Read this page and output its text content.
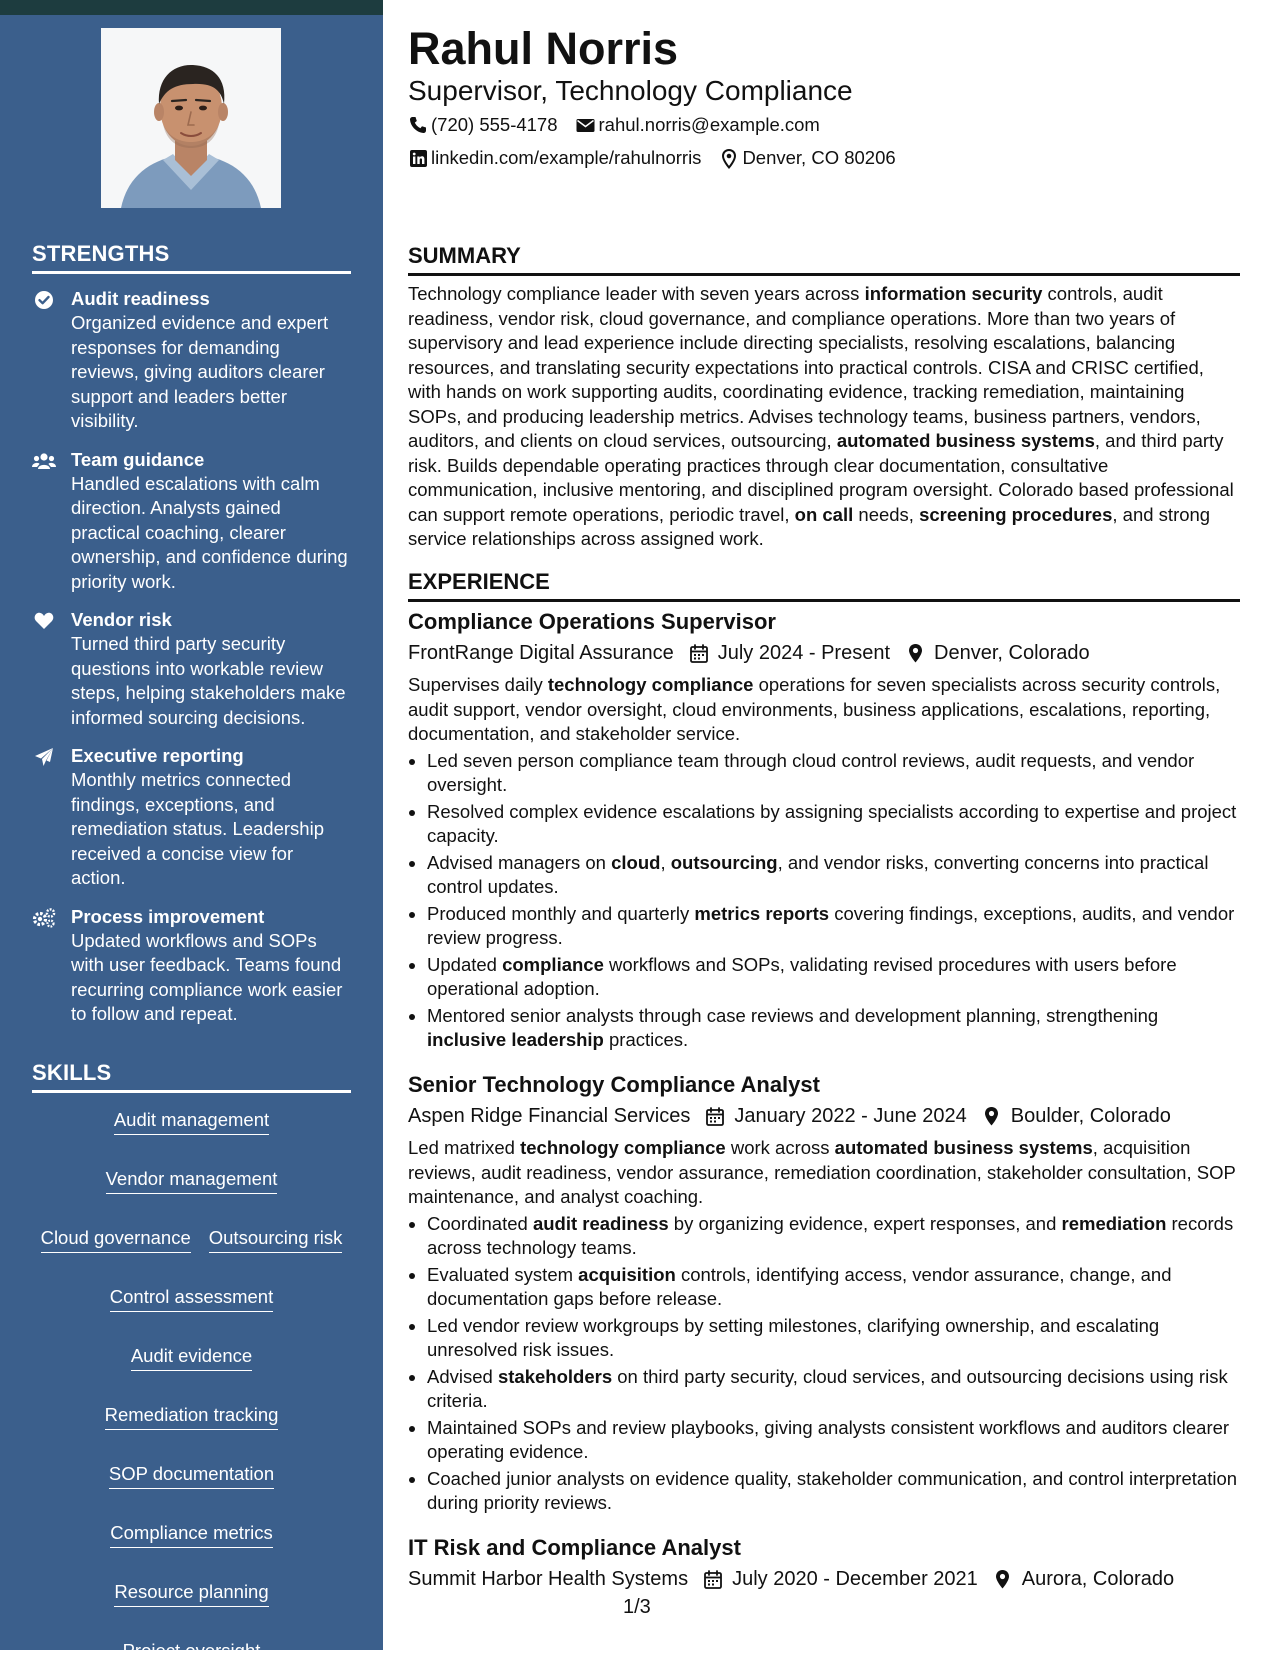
STRENGTHS
Audit readiness
Organized evidence and expert responses for demanding reviews, giving auditors clearer support and leaders better visibility.
Team guidance
Handled escalations with calm direction. Analysts gained practical coaching, clearer ownership, and confidence during priority work.
Vendor risk
Turned third party security questions into workable review steps, helping stakeholders make informed sourcing decisions.
Executive reporting
Monthly metrics connected findings, exceptions, and remediation status. Leadership received a concise view for action.
Process improvement
Updated workflows and SOPs with user feedback. Teams found recurring compliance work easier to follow and repeat.
SKILLS
Audit management
Vendor management
Cloud governance Outsourcing risk
Control assessment
Audit evidence
Remediation tracking
SOP documentation
Compliance metrics
Resource planning
Project oversight
Rahul Norris
Supervisor, Technology Compliance
(720) 555-4178 rahul.norris@example.com
linkedin.com/example/rahulnorris Denver, CO 80206
SUMMARY

Technology compliance leader with seven years across information security controls, audit readiness, vendor risk, cloud governance, and compliance operations. More than two years of supervisory and lead experience include directing specialists, resolving escalations, balancing resources, and translating security expectations into practical controls. CISA and CRISC certified, with hands on work supporting audits, coordinating evidence, tracking remediation, maintaining SOPs, and producing leadership metrics. Advises technology teams, business partners, vendors, auditors, and clients on cloud services, outsourcing, automated business systems, and third party risk. Builds dependable operating practices through clear documentation, consultative communication, inclusive mentoring, and disciplined program oversight. Colorado based professional can support remote operations, periodic travel, on call needs, screening procedures, and strong service relationships across assigned work.

EXPERIENCE
Compliance Operations Supervisor
FrontRange Digital Assurance July 2024 - Present Denver, Colorado

Supervises daily technology compliance operations for seven specialists across security controls, audit support, vendor oversight, cloud environments, business applications, escalations, reporting, documentation, and stakeholder service.

Led seven person compliance team through cloud control reviews, audit requests, and vendor oversight.
Resolved complex evidence escalations by assigning specialists according to expertise and project capacity.
Advised managers on cloud, outsourcing, and vendor risks, converting concerns into practical control updates.
Produced monthly and quarterly metrics reports covering findings, exceptions, audits, and vendor review progress.
Updated compliance workflows and SOPs, validating revised procedures with users before operational adoption.
Mentored senior analysts through case reviews and development planning, strengthening inclusive leadership practices.
Senior Technology Compliance Analyst
Aspen Ridge Financial Services January 2022 - June 2024 Boulder, Colorado

Led matrixed technology compliance work across automated business systems, acquisition reviews, audit readiness, vendor assurance, remediation coordination, stakeholder consultation, SOP maintenance, and analyst coaching.

Coordinated audit readiness by organizing evidence, expert responses, and remediation records across technology teams.
Evaluated system acquisition controls, identifying access, vendor assurance, change, and documentation gaps before release.
Led vendor review workgroups by setting milestones, clarifying ownership, and escalating unresolved risk issues.
Advised stakeholders on third party security, cloud services, and outsourcing decisions using risk criteria.
Maintained SOPs and review playbooks, giving analysts consistent workflows and auditors clearer operating evidence.
Coached junior analysts on evidence quality, stakeholder communication, and control interpretation during priority reviews.
IT Risk and Compliance Analyst
Summit Harbor Health Systems July 2020 - December 2021 Aurora, Colorado
1/3
